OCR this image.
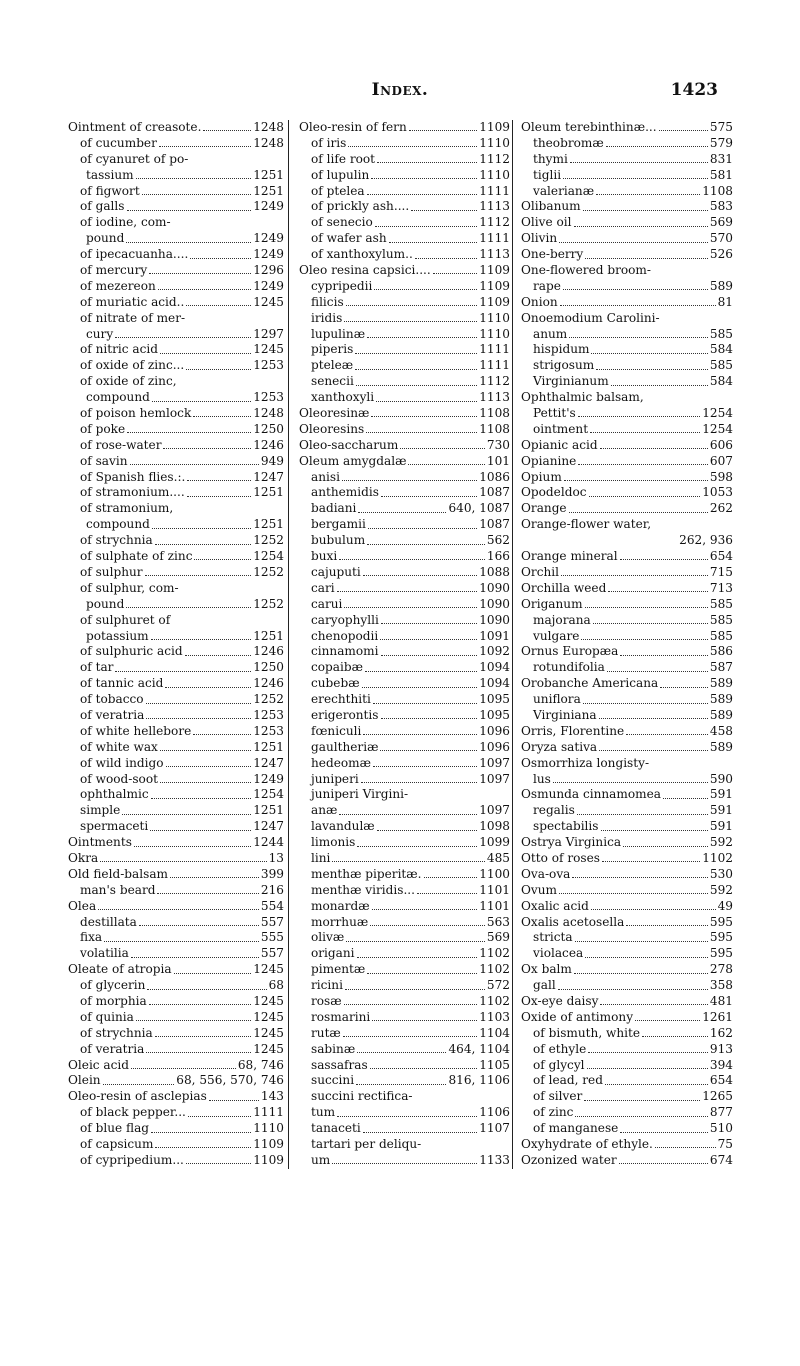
Index.	1423
Ointment of creasote.	1248
of cucumber	1248
of cyanuret of po-
tassium	1251
of figwort	1251
of galls	1249
of iodine, com-
pound	1249
of ipecacuanha....	1249
of mercury	1296
of mezereon	1249
of muriatic acid..	1245
of nitrate of mer-
cury	1297
of nitric acid	1245
of oxide of zinc...	1253
of oxide of zinc,
compound	1253
of poison hemlock	1248
of poke	1250
of rose-water	1246
of savin	949
of Spanish flies.:.	1247
of stramonium....	1251
of stramonium,
compound	1251
of strychnia	1252
of sulphate of zinc	1254
of sulphur	1252
of sulphur, com-
pound	1252
of sulphuret of
potassium	1251
of sulphuric acid	1246
of tar	1250
of tannic acid	1246
of tobacco	1252
of veratria	1253
of white hellebore	1253
of white wax	1251
of wild indigo	1247
of wood-soot	1249
ophthalmic	1254
simple	1251
spermaceti	1247
Ointments	1244
Okra	13
Old field-balsam	399
man's beard	216
Olea	554
destillata	557
fixa	555
volatilia	557
Oleate of atropia	1245
of glycerin	68
of morphia	1245
of quinia	1245
of strychnia	1245
of veratria	1245
Oleic acid	68, 746
Olein	68, 556, 570, 746
Oleo-resin of asclepias	143
of black pepper...	1111
of blue flag	1110
of capsicum	1109
of cypripedium...	1109
Oleo-resin of fern	1109
of iris	1110
of life root	1112
of lupulin	1110
of ptelea	1111
of prickly ash....	1113
of senecio	1112
of wafer ash	1111
of xanthoxylum..	1113
Oleo resina capsici....	1109
cypripedii	1109
filicis	1109
iridis	1110
lupulinæ	1110
piperis	1111
ptelеæ	1111
senecii	1112
xanthoxyli	1113
Oleoresinæ	1108
Oleoresins	1108
Oleo-saccharum	730
Oleum amygdalæ	101
anisi	1086
anthemidis	1087
badiani	640, 1087
bergamii	1087
bubulum	562
buxi	166
cajuputi	1088
cari	1090
carui	1090
caryophylli	1090
chenopodii	1091
cinnamomi	1092
copaibæ	1094
cubebæ	1094
erechthiti	1095
erigerontis	1095
fœniculi	1096
gaultheriæ	1096
hedeomæ	1097
juniperi	1097
juniperi Virgini-
anæ	1097
lavandulæ	1098
limonis	1099
lini	485
menthæ piperitæ.	1100
menthæ viridis...	1101
monardæ	1101
morrhuæ	563
olivæ	569
origani	1102
pimentæ	1102
ricini	572
rosæ	1102
rosmarini	1103
rutæ	1104
sabinæ	464, 1104
sassafras	1105
succini	816, 1106
succini rectifica-
tum	1106
tanaceti	1107
tartari per deliqu-
um	1133
Oleum terebinthinæ...	575
theobromæ	579
thymi	831
tiglii	581
valerianæ	1108
Olibanum	583
Olive oil	569
Olivin	570
One-berry	526
One-flowered broom-
rape	589
Onion	81
Onoemodium Carolini-
anum	585
hispidum	584
strigosum	585
Virginianum	584
Ophthalmic balsam,
Pettit's	1254
ointment	1254
Opianic acid	606
Opianine	607
Opium	598
Opodeldoc	1053
Orange	262
Orange-flower water,
262, 936
Orange mineral	654
Orchil	715
Orchilla weed	713
Origanum	585
majorana	585
vulgare	585
Ornus Europæa	586
rotundifolia	587
Orobanche Americana	589
uniflora	589
Virginiana	589
Orris, Florentine	458
Oryza sativa	589
Osmorrhiza longisty-
lus	590
Osmunda cinnamomea	591
regalis	591
spectabilis	591
Ostrya Virginica	592
Otto of roses	1102
Ova-ova	530
Ovum	592
Oxalic acid	49
Oxalis acetosella	595
stricta	595
violacea	595
Ox balm	278
gall	358
Ox-eye daisy	481
Oxide of antimony	1261
of bismuth, white	162
of ethyle	913
of glycyl	394
of lead, red	654
of silver	1265
of zinc	877
of manganese	510
Oxyhydrate of ethyle.	75
Ozonized water	674
